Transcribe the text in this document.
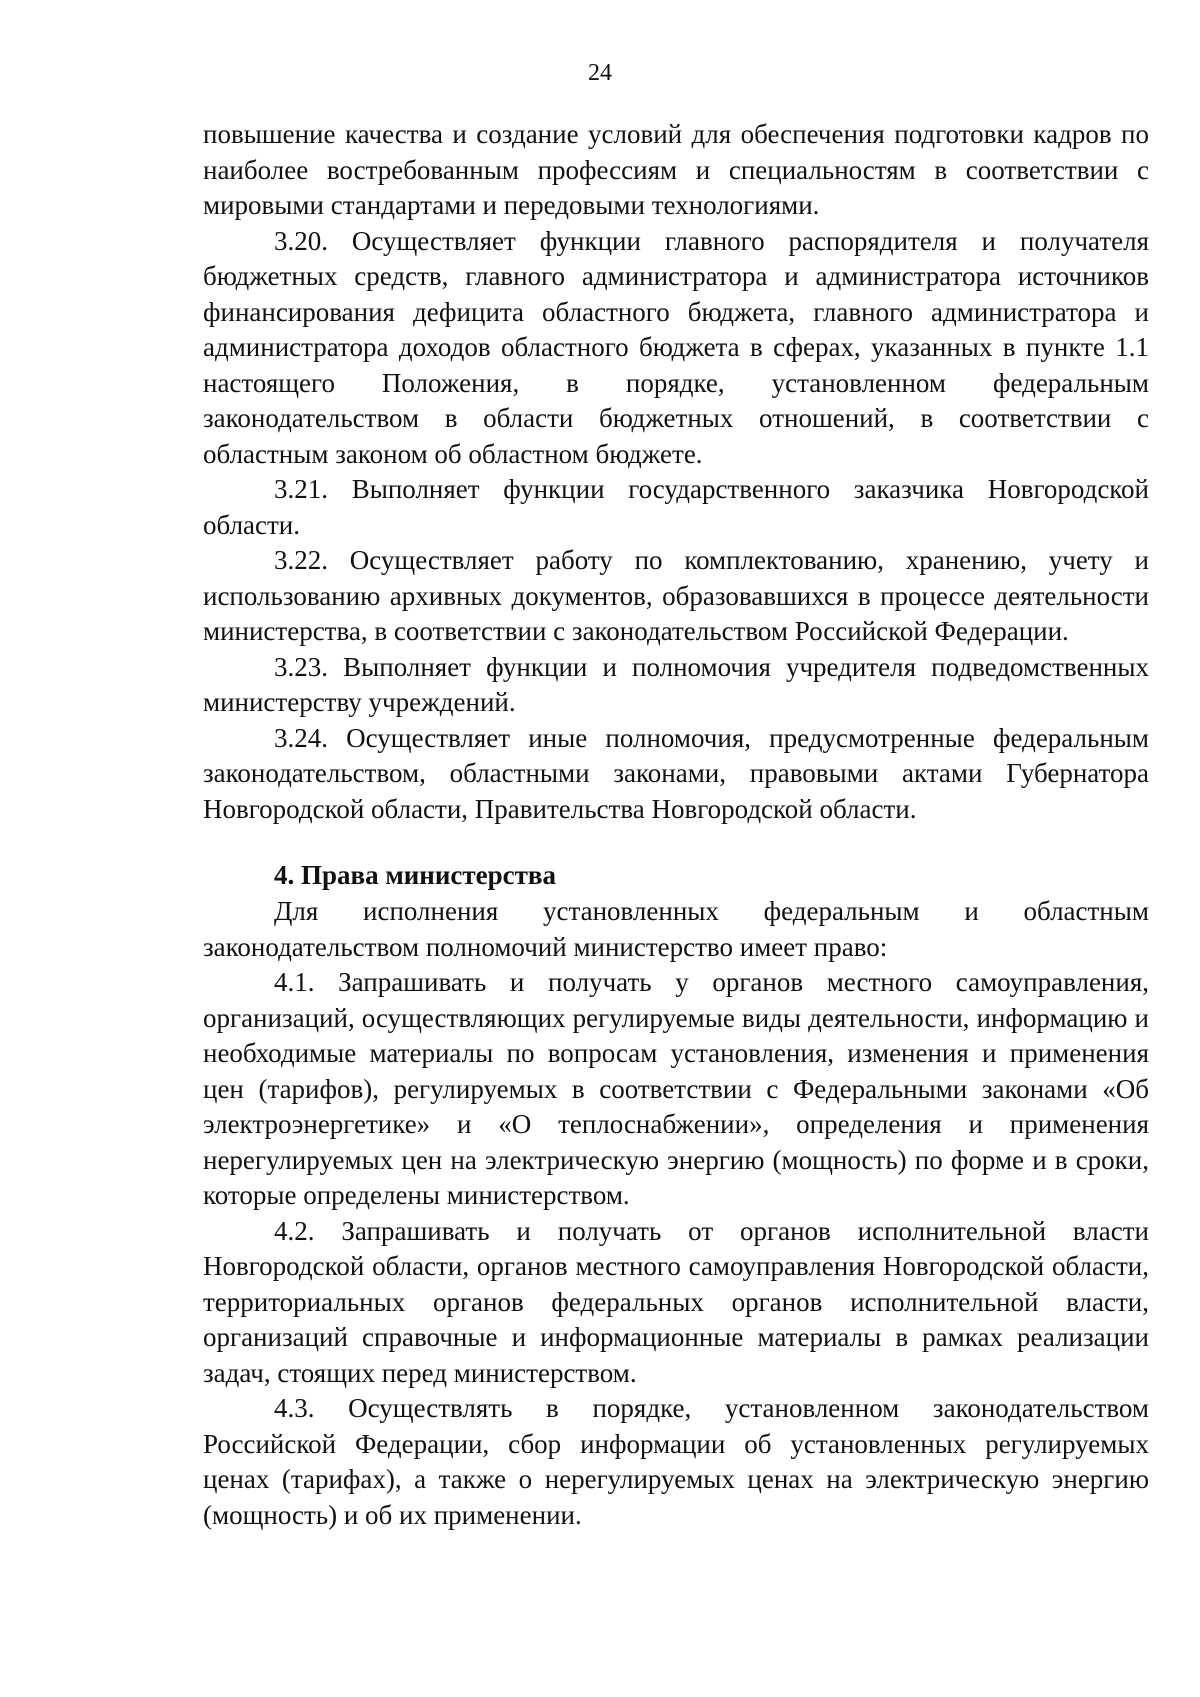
24

повышение качества и создание условий для обеспечения подготовки кадров по наиболее востребованным профессиям и специальностям в соответствии с мировыми стандартами и передовыми технологиями.

3.20. Осуществляет функции главного распорядителя и получателя бюджетных средств, главного администратора и администратора источников финансирования дефицита областного бюджета, главного администратора и администратора доходов областного бюджета в сферах, указанных в пункте 1.1 настоящего Положения, в порядке, установленном федеральным законодательством в области бюджетных отношений, в соответствии с областным законом об областном бюджете.

3.21. Выполняет функции государственного заказчика Новгородской области.

3.22. Осуществляет работу по комплектованию, хранению, учету и использованию архивных документов, образовавшихся в процессе деятельности министерства, в соответствии с законодательством Российской Федерации.

3.23. Выполняет функции и полномочия учредителя подведомственных министерству учреждений.

3.24. Осуществляет иные полномочия, предусмотренные федеральным законодательством, областными законами, правовыми актами Губернатора Новгородской области, Правительства Новгородской области.

4. Права министерства

Для исполнения установленных федеральным и областным законодательством полномочий министерство имеет право:

4.1. Запрашивать и получать у органов местного самоуправления, организаций, осуществляющих регулируемые виды деятельности, информацию и необходимые материалы по вопросам установления, изменения и применения цен (тарифов), регулируемых в соответствии с Федеральными законами «Об электроэнергетике» и «О теплоснабжении», определения и применения нерегулируемых цен на электрическую энергию (мощность) по форме и в сроки, которые определены министерством.

4.2. Запрашивать и получать от органов исполнительной власти Новгородской области, органов местного самоуправления Новгородской области, территориальных органов федеральных органов исполнительной власти, организаций справочные и информационные материалы в рамках реализации задач, стоящих перед министерством.

4.3. Осуществлять в порядке, установленном законодательством Российской Федерации, сбор информации об установленных регулируемых ценах (тарифах), а также о нерегулируемых ценах на электрическую энергию (мощность) и об их применении.
